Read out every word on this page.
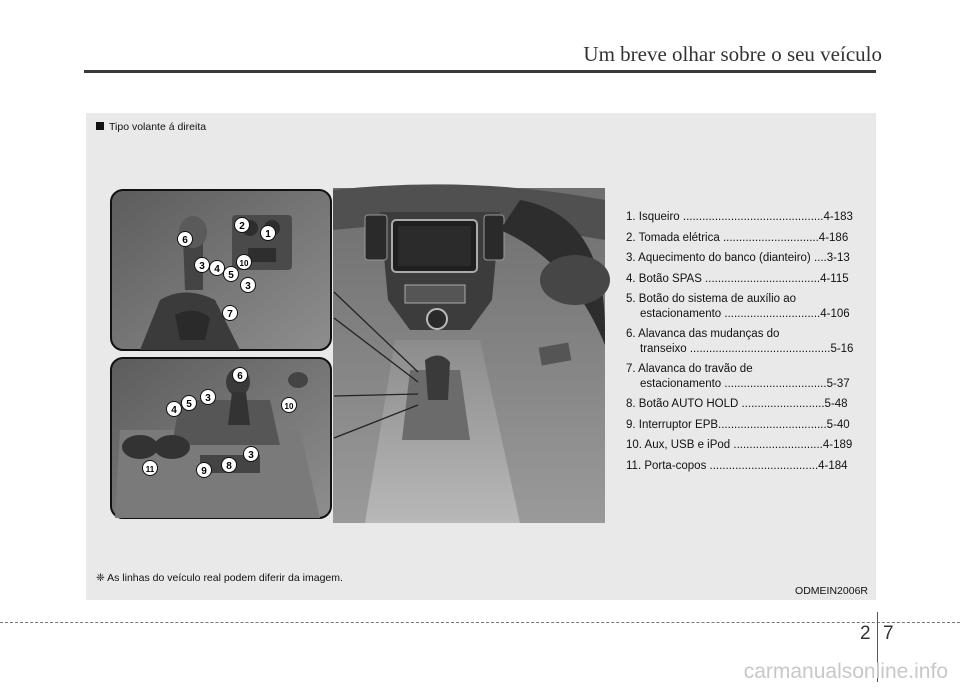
Um breve olhar sobre o seu veículo
Tipo volante á direita
1
2
6
3 4
10
5
3
7
6
3
5
4	10
3
8
9
11
1. Isqueiro ............................................4-183
2. Tomada elétrica ..............................4-186
3. Aquecimento do banco (dianteiro) ....3-13
4. Botão SPAS ....................................4-115
5. Botão do sistema de auxílio ao
estacionamento ..............................4-106
6. Alavanca das mudanças do
transeixo ............................................5-16
7. Alavanca do travão de
estacionamento ................................5-37
8. Botão AUTO HOLD ..........................5-48
9. Interruptor EPB..................................5-40
10. Aux, USB e iPod ............................4-189
11. Porta-copos ..................................4-184
❈ As linhas do veículo real podem diferir da imagem.
ODMEIN2006R
2 7
carmanualsonline.info
